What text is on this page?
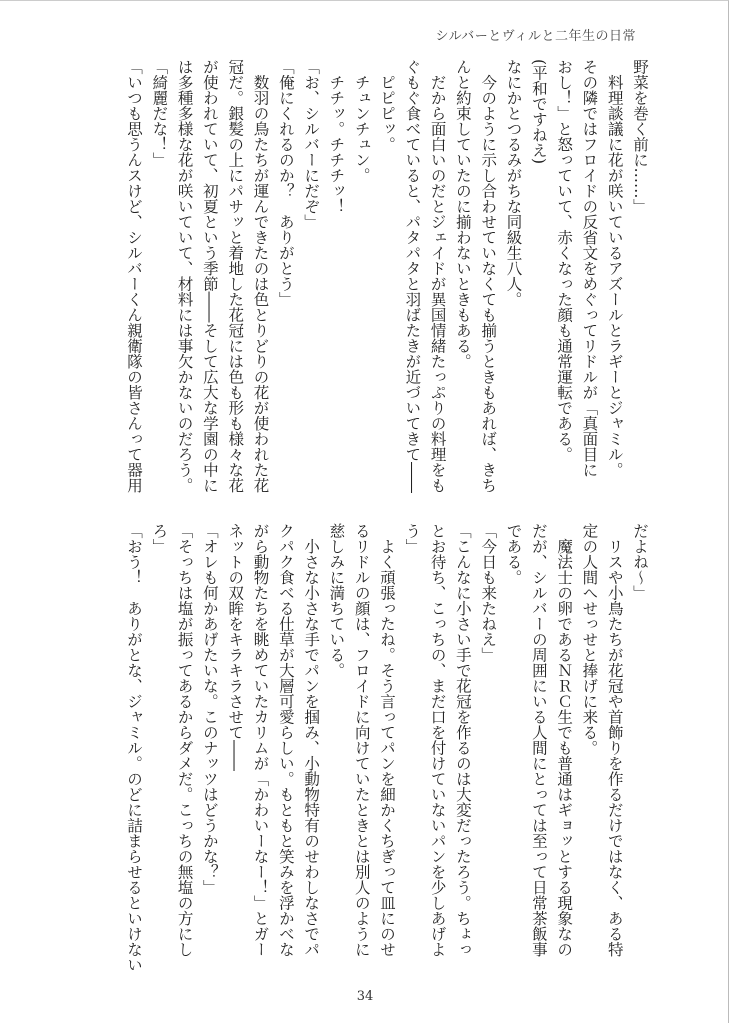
シルバーとヴィルと二年生の日常
野菜を巻く前に……」
　料理談議に花が咲いているアズールとラギーとジャミル。
その隣ではフロイドの反省文をめぐってリドルが「真面目に
おし！」と怒っていて、赤くなった顔も通常運転である。
(平和ですねえ)
なにかとつるみがちな同級生八人。
　今のように示し合わせていなくても揃うときもあれば、きち
んと約束していたのに揃わないときもある。
　だから面白いのだとジェイドが異国情緒たっぷりの料理をも
ぐもぐ食べていると、パタパタと羽ばたきが近づいてきて――
　ピピピッ。
　チュンチュン。
　チチッ。チチチッ！
「お、シルバーにだぞ」
「俺にくれるのか？　ありがとう」
　数羽の鳥たちが運んできたのは色とりどりの花が使われた花
冠だ。銀髪の上にパサッと着地した花冠には色も形も様々な花
が使われていて、初夏という季節――そして広大な学園の中に
は多種多様な花が咲いていて、材料には事欠かないのだろう。
「綺麗だな！」
「いつも思うんスけど、シルバーくん親衛隊の皆さんって器用
だよね～」
　リスや小鳥たちが花冠や首飾りを作るだけではなく、ある特
定の人間へせっせと捧げに来る。
　魔法士の卵であるＮＲＣ生でも普通はギョッとする現象なの
だが、シルバーの周囲にいる人間にとっては至って日常茶飯事
である。
「今日も来たねえ」
「こんなに小さい手で花冠を作るのは大変だったろう。ちょっ
とお待ち、こっちの、まだ口を付けていないパンを少しあげよ
う」
　よく頑張ったね。そう言ってパンを細かくちぎって皿にのせ
るリドルの顔は、フロイドに向けていたときとは別人のように
慈しみに満ちている。
　小さな小さな手でパンを掴み、小動物特有のせわしなさでパ
クパク食べる仕草が大層可愛らしい。もともと笑みを浮かべな
がら動物たちを眺めていたカリムが「かわいーなー！」とガー
ネットの双眸をキラキラさせて――
「オレも何かあげたいな。このナッツはどうかな？」
「そっちは塩が振ってあるからダメだ。こっちの無塩の方にし
ろ」
「おう！　ありがとな、ジャミル。のどに詰まらせるといけない
34
